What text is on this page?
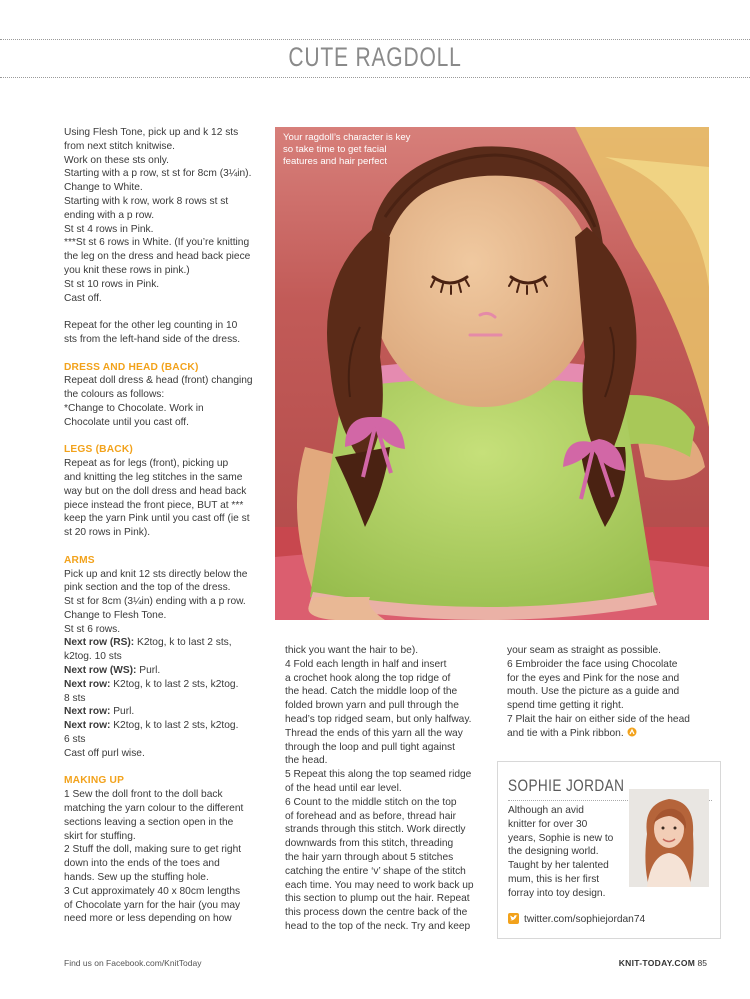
CUTE RAGDOLL

Using Flesh Tone, pick up and k 12 sts

from next stitch knitwise.

Work on these sts only.

Starting with a p row, st st for 8cm (3¼in).

Change to White.

Starting with k row, work 8 rows st st

ending with a p row.

St st 4 rows in Pink.

***St st 6 rows in White. (If you’re knitting

the leg on the dress and head back piece

you knit these rows in pink.)

St st 10 rows in Pink.

Cast off.

Repeat for the other leg counting in 10

sts from the left-hand side of the dress.

DRESS AND HEAD (BACK)

Repeat doll dress & head (front) changing

the colours as follows:

*Change to Chocolate. Work in

Chocolate until you cast off.

LEGS (BACK)

Repeat as for legs (front), picking up

and knitting the leg stitches in the same

way but on the doll dress and head back

piece instead the front piece, BUT at ***

keep the yarn Pink until you cast off (ie st

st 20 rows in Pink).

ARMS

Pick up and knit 12 sts directly below the

pink section and the top of the dress.

St st for 8cm (3¼in) ending with a p row.

Change to Flesh Tone.

St st 6 rows.

Next row (RS): K2tog, k to last 2 sts,

k2tog. 10 sts

Next row (WS): Purl.

Next row: K2tog, k to last 2 sts, k2tog.

8 sts

Next row: Purl.

Next row: K2tog, k to last 2 sts, k2tog.

6 sts

Cast off purl wise.

MAKING UP

1 Sew the doll front to the doll back

matching the yarn colour to the different

sections leaving a section open in the

skirt for stuffing.

2 Stuff the doll, making sure to get right

down into the ends of the toes and

hands. Sew up the stuffing hole.

3 Cut approximately 40 x 80cm lengths

of Chocolate yarn for the hair (you may

need more or less depending on how

Your ragdoll’s character is key so take time to get facial features and hair perfect

thick you want the hair to be).

4 Fold each length in half and insert

a crochet hook along the top ridge of

the head. Catch the middle loop of the

folded brown yarn and pull through the

head’s top ridged seam, but only halfway.

Thread the ends of this yarn all the way

through the loop and pull tight against

the head.

5 Repeat this along the top seamed ridge

of the head until ear level.

6 Count to the middle stitch on the top

of forehead and as before, thread hair

strands through this stitch. Work directly

downwards from this stitch, threading

the hair yarn through about 5 stitches

catching the entire ‘v’ shape of the stitch

each time. You may need to work back up

this section to plump out the hair. Repeat

this process down the centre back of the

head to the top of the neck. Try and keep

your seam as straight as possible.

6 Embroider the face using Chocolate

for the eyes and Pink for the nose and

mouth. Use the picture as a guide and

spend time getting it right.

7 Plait the hair on either side of the head

and tie with a Pink ribbon.

SOPHIE JORDAN

Although an avid

knitter for over 30

years, Sophie is new to

the designing world.

Taught by her talented

mum, this is her first

forray into toy design.

twitter.com/sophiejordan74
Find us on Facebook.com/KnitToday	KNIT-TODAY.COM 85
